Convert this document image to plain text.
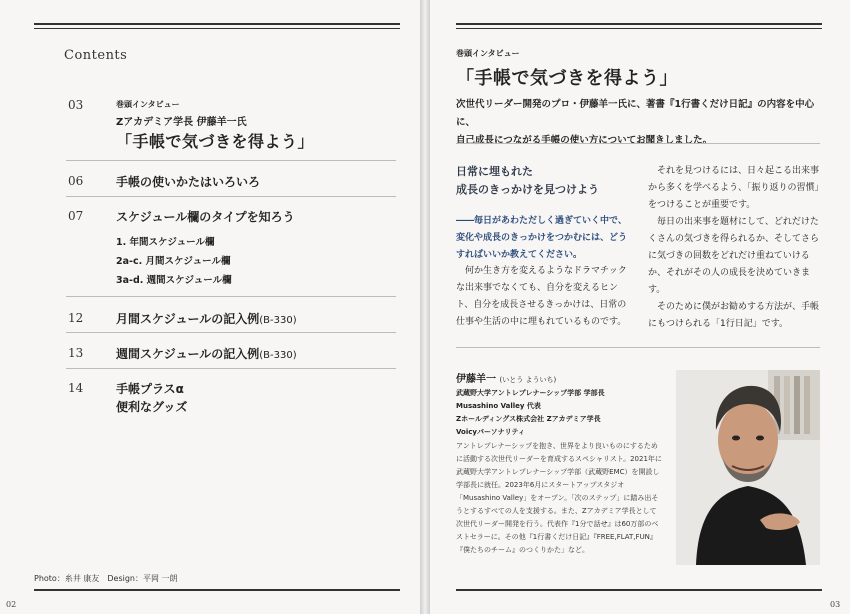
Contents
03	巻頭インタビュー
Zアカデミア学長 伊藤羊一氏
「手帳で気づきを得よう」
06	手帳の使いかたはいろいろ
07	スケジュール欄のタイプを知ろう
1. 年間スケジュール欄
2a-c. 月間スケジュール欄
3a-d. 週間スケジュール欄
12	月間スケジュールの記入例(B-330)
13	週間スケジュールの記入例(B-330)
14	手帳プラスα
便利なグッズ
Photo：糸井 康友　Design：平岡 一朗
02
巻頭インタビュー
「手帳で気づきを得よう」
次世代リーダー開発のプロ・伊藤羊一氏に、著書『1行書くだけ日記』の内容を中心に、
自己成長につながる手帳の使い方についてお聞きしました。
日常に埋もれた
成長のきっかけを見つけよう
――毎日があわただしく過ぎていく中で、変化や成長のきっかけをつかむには、どうすればいいか教えてください。

何か生き方を変えるようなドラマチックな出来事でなくても、自分を変えるヒント、自分を成長させるきっかけは、日常の仕事や生活の中に埋もれているものです。

それを見つけるには、日々起こる出来事から多くを学べるよう、「振り返りの習慣」をつけることが重要です。

毎日の出来事を題材にして、どれだけたくさんの気づきを得られるか、そしてさらに気づきの回数をどれだけ重ねていけるか、それがその人の成長を決めていきます。

そのために僕がお勧めする方法が、手帳にもつけられる「1行日記」です。

伊藤羊一 (いとう よういち)
武蔵野大学アントレプレナーシップ学部 学部長
Musashino Valley 代表
Zホールディングス株式会社 Zアカデミア学長
Voicyパーソナリティ
アントレプレナーシップを抱き、世界をより良いものにするために活動する次世代リーダーを育成するスペシャリスト。2021年に武蔵野大学アントレプレナーシップ学部（武蔵野EMC）を開設し学部長に就任。2023年6月にスタートアップスタジオ「Musashino Valley」をオープン。「次のステップ」に踏み出そうとするすべての人を支援する。また、Zアカデミア学長として次世代リーダー開発を行う。代表作『1分で話せ』は60万部のベストセラーに。その他『1行書くだけ日記』『FREE,FLAT,FUN』『僕たちのチーム』のつくりかた」など。
03
